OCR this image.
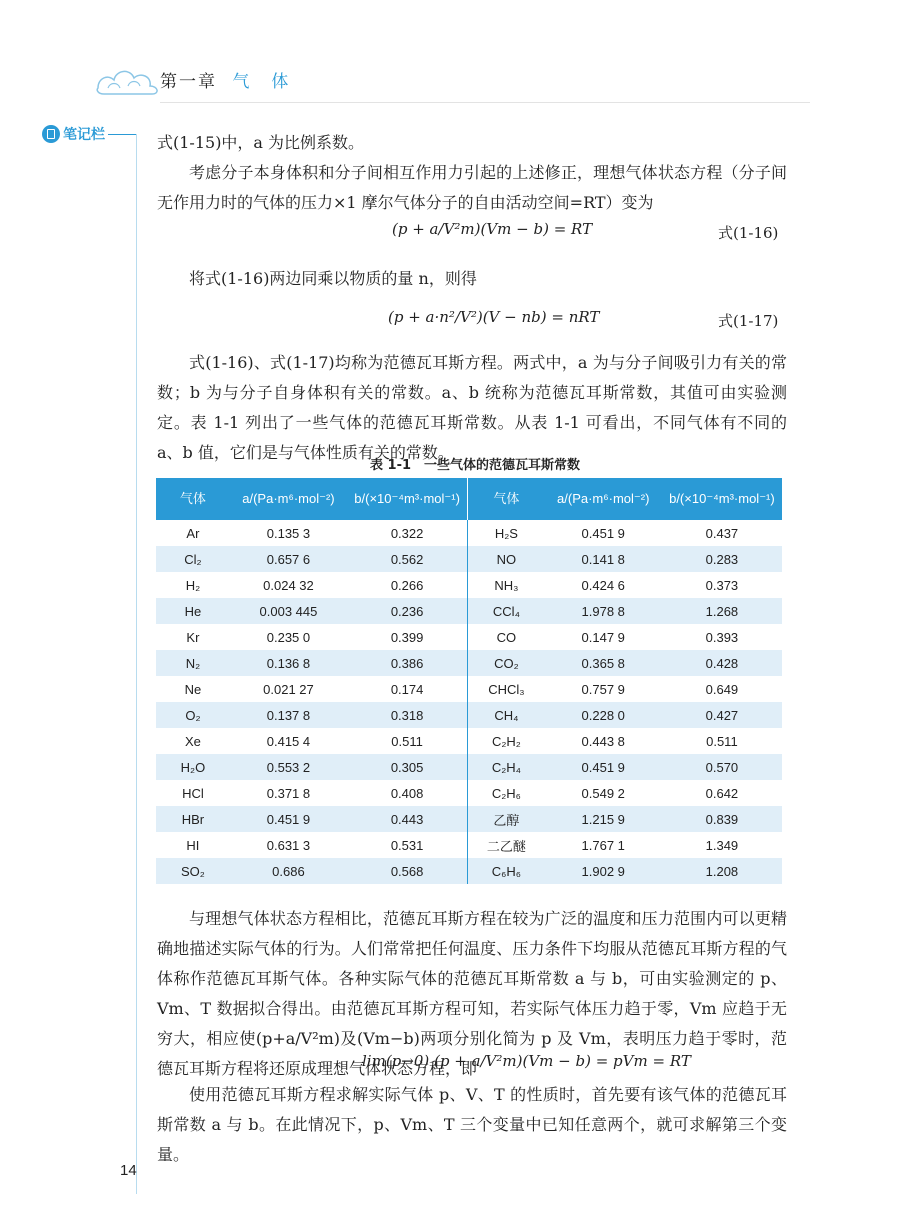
第一章 气体
笔记栏	式(1-15)中，a 为比例系数。
考虑分子本身体积和分子间相互作用力引起的上述修正，理想气体状态方程（分子间无作用力时的气体的压力×1 摩尔气体分子的自由活动空间=RT）变为
(p + a/V²m)(Vm − b) = RT	式(1-16)
将式(1-16)两边同乘以物质的量 n，则得
(p + a·n²/V²)(V − nb) = nRT	式(1-17)
式(1-16)、式(1-17)均称为范德瓦耳斯方程。两式中，a 为与分子间吸引力有关的常数；b 为与分子自身体积有关的常数。a、b 统称为范德瓦耳斯常数，其值可由实验测定。表 1-1 列出了一些气体的范德瓦耳斯常数。从表 1-1 可看出，不同气体有不同的 a、b 值，它们是与气体性质有关的常数。
表 1-1　一些气体的范德瓦耳斯常数
气体	a/(Pa·m⁶·mol⁻²)	b/(×10⁻⁴m³·mol⁻¹)	气体	a/(Pa·m⁶·mol⁻²)	b/(×10⁻⁴m³·mol⁻¹)
Ar	0.135 3	0.322	H₂S	0.451 9	0.437
Cl₂	0.657 6	0.562	NO	0.141 8	0.283
H₂	0.024 32	0.266	NH₃	0.424 6	0.373
He	0.003 445	0.236	CCl₄	1.978 8	1.268
Kr	0.235 0	0.399	CO	0.147 9	0.393
N₂	0.136 8	0.386	CO₂	0.365 8	0.428
Ne	0.021 27	0.174	CHCl₃	0.757 9	0.649
O₂	0.137 8	0.318	CH₄	0.228 0	0.427
Xe	0.415 4	0.511	C₂H₂	0.443 8	0.511
H₂O	0.553 2	0.305	C₂H₄	0.451 9	0.570
HCl	0.371 8	0.408	C₂H₆	0.549 2	0.642
HBr	0.451 9	0.443	乙醇	1.215 9	0.839
HI	0.631 3	0.531	二乙醚	1.767 1	1.349
SO₂	0.686	0.568	C₆H₆	1.902 9	1.208
与理想气体状态方程相比，范德瓦耳斯方程在较为广泛的温度和压力范围内可以更精确地描述实际气体的行为。人们常常把任何温度、压力条件下均服从范德瓦耳斯方程的气体称作范德瓦耳斯气体。各种实际气体的范德瓦耳斯常数 a 与 b，可由实验测定的 p、Vm、T 数据拟合得出。由范德瓦耳斯方程可知，若实际气体压力趋于零，Vm 应趋于无穷大，相应使(p+a/V²m)及(Vm−b)两项分别化简为 p 及 Vm，表明压力趋于零时，范德瓦耳斯方程将还原成理想气体状态方程，即
lim(p→0) (p + a/V²m)(Vm − b) = pVm = RT
使用范德瓦耳斯方程求解实际气体 p、V、T 的性质时，首先要有该气体的范德瓦耳斯常数 a 与 b。在此情况下，p、Vm、T 三个变量中已知任意两个，就可求解第三个变量。
14
